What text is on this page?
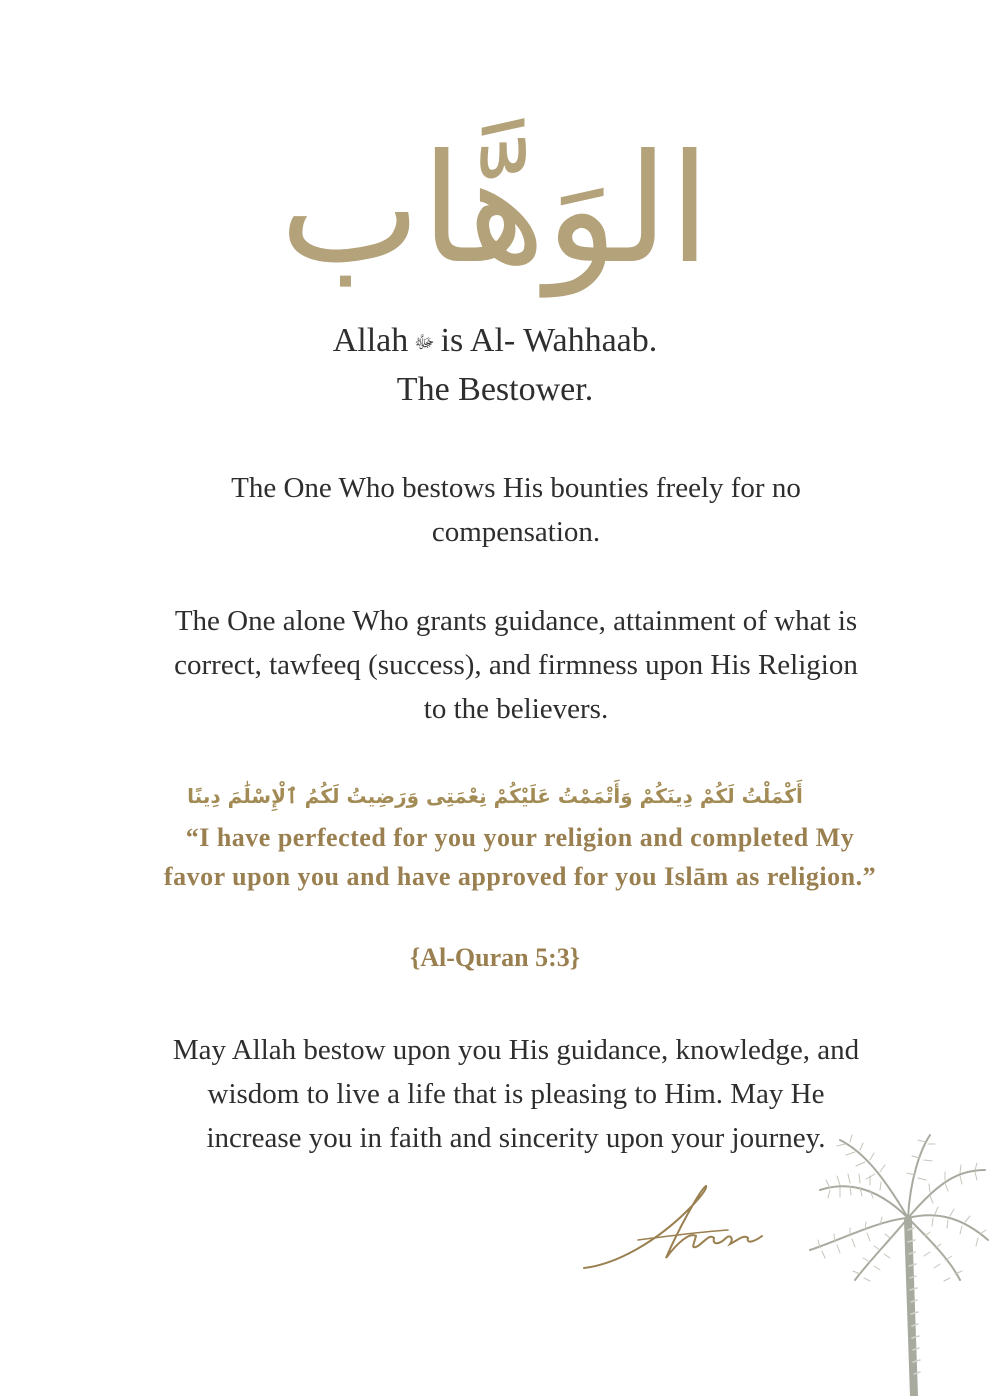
الوَهَّاب
Allah ﷻ is Al- Wahhaab.
The Bestower.
The One Who bestows His bounties freely for no compensation.
The One alone Who grants guidance, attainment of what is correct, tawfeeq (success), and firmness upon His Religion to the believers.
أَكْمَلْتُ لَكُمْ دِينَكُمْ وَأَتْمَمْتُ عَلَيْكُمْ نِعْمَتِى وَرَضِيتُ لَكُمُ ٱلْإِسْلَٰمَ دِينًا
“I have perfected for you your religion and completed My favor upon you and have approved for you Islām as religion.”
{Al-Quran 5:3}
May Allah bestow upon you His guidance, knowledge, and wisdom to live a life that is pleasing to Him. May He increase you in faith and sincerity upon your journey.
